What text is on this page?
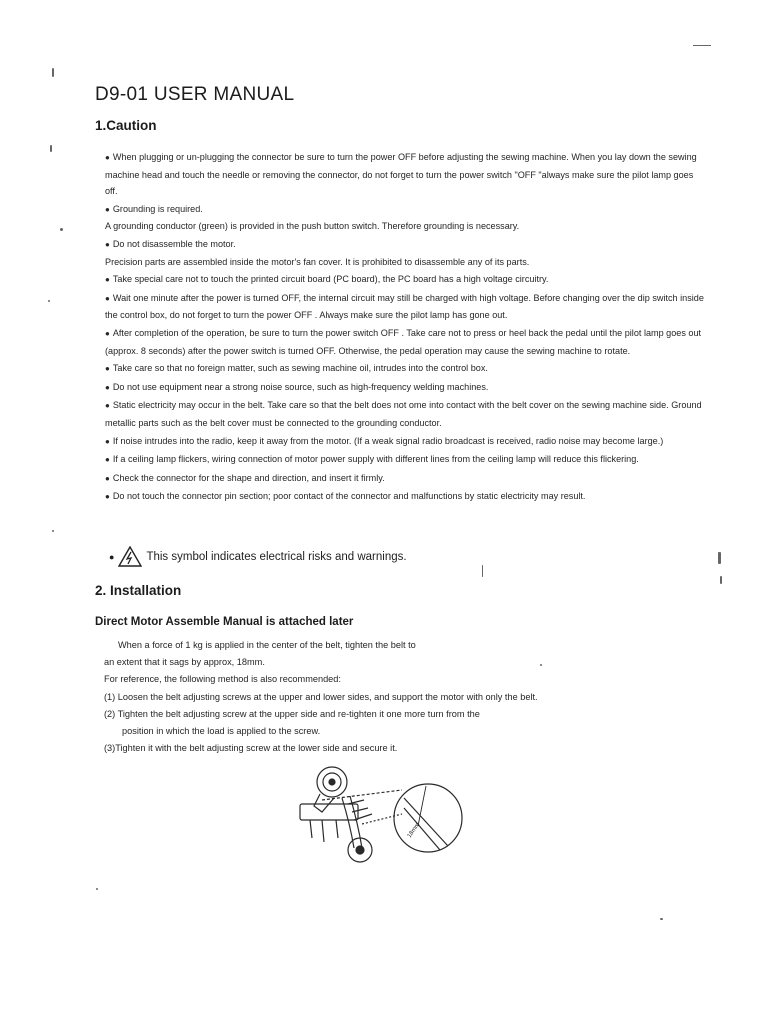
D9-01 USER MANUAL
1.Caution
● When plugging or un-plugging the connector be sure to turn the power OFF before adjusting the sewing machine. When you lay down the sewing machine head and touch the needle or removing the connector, do not forget to turn the power switch "OFF "always make sure the pilot lamp goes off.
● Grounding is required.
A grounding conductor (green) is provided in the push button switch. Therefore grounding is necessary.
● Do not disassemble the motor.
Precision parts are assembled inside the motor's fan cover. It is prohibited to disassemble any of its parts.
● Take special care not to touch the printed circuit board (PC board), the PC board has a high voltage circuitry.
● Wait one minute after the power is turned OFF, the internal circuit may still be charged with high voltage. Before changing over the dip switch inside the control box, do not forget to turn the power OFF . Always make sure the pilot lamp has gone out.
● After completion of the operation, be sure to turn the power switch OFF . Take care not to press or heel back the pedal until the pilot lamp goes out (approx. 8 seconds) after the power switch is turned OFF. Otherwise, the pedal operation may cause the sewing machine to rotate.
● Take care so that no foreign matter, such as sewing machine oil, intrudes into the control box.
● Do not use equipment near a strong noise source, such as high-frequency welding machines.
● Static electricity may occur in the belt. Take care so that the belt does not ome into contact with the belt cover on the sewing machine side. Ground metallic parts such as the belt cover must be connected to the grounding conductor.
● If noise intrudes into the radio, keep it away from the motor. (If a weak signal radio broadcast is received, radio noise may become large.)
● If a ceiling lamp flickers, wiring connection of motor power supply with different lines from the ceiling lamp will reduce this flickering.
● Check the connector for the shape and direction, and insert it firmly.
● Do not touch the connector pin section; poor contact of the connector and malfunctions by static electricity may result.
●	This symbol indicates electrical risks and warnings.
2. Installation
Direct Motor Assemble Manual is attached later

When a force of 1 kg is applied in the center of the belt, tighten the belt to

an extent that it sags by approx, 18mm.

For reference, the following method is also recommended:

(1) Loosen the belt adjusting screws at the upper and lower sides, and support the motor with only the belt.

(2) Tighten the belt adjusting screw at the upper side and re-tighten it one more turn from the

position in which the load is applied to the screw.

(3)Tighten it with the belt adjusting screw at the lower side and secure it.

18mm
